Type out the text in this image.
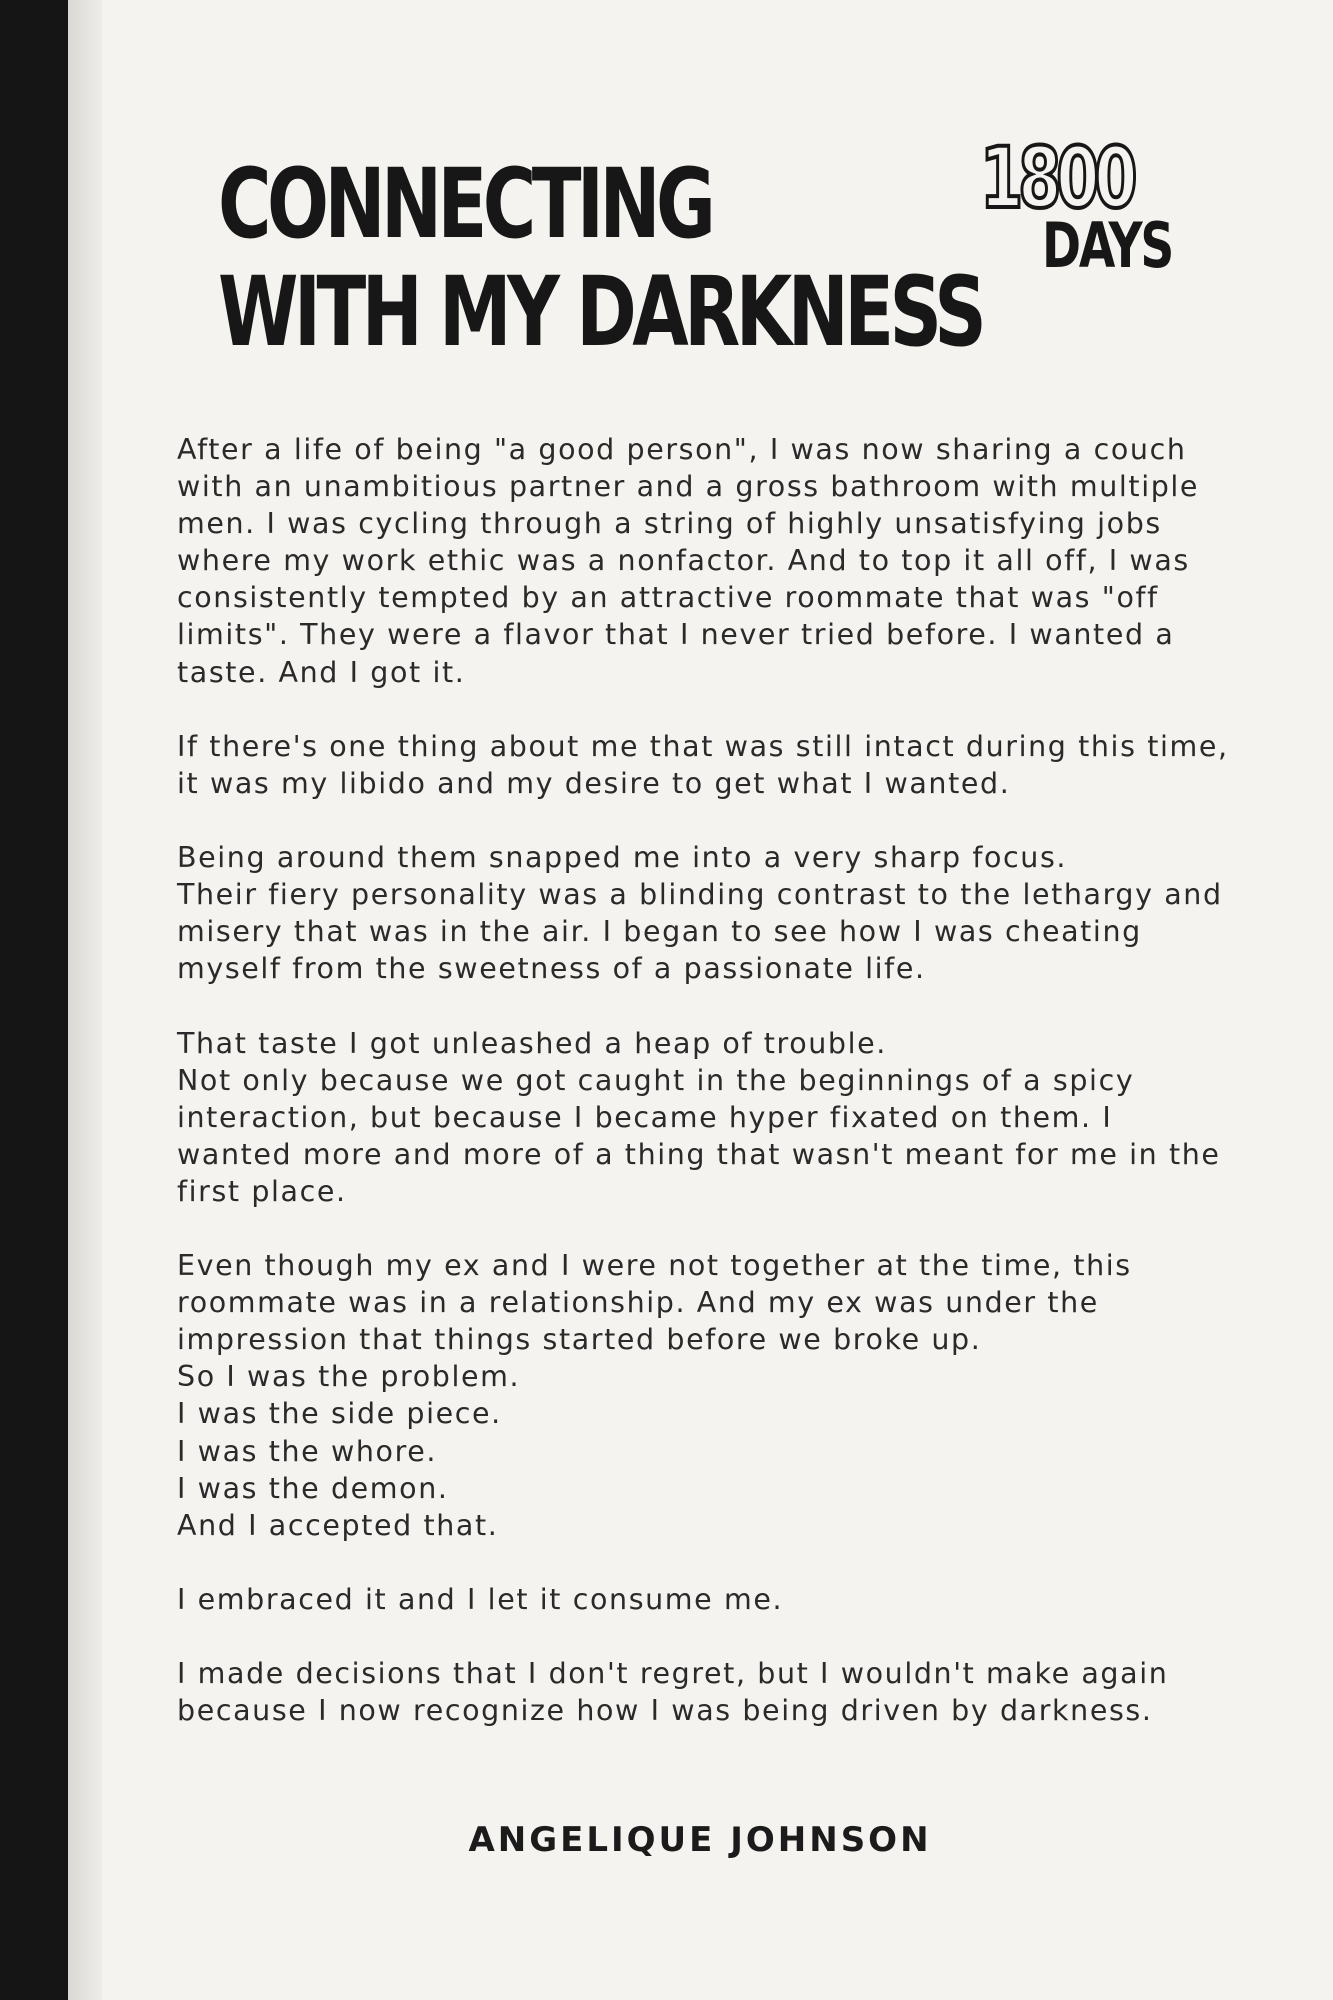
CONNECTING
WITH MY DARKNESS
1800
DAYS
After a life of being "a good person", I was now sharing a couch
with an unambitious partner and a gross bathroom with multiple
men. I was cycling through a string of highly unsatisfying jobs
where my work ethic was a nonfactor. And to top it all off, I was
consistently tempted by an attractive roommate that was "off
limits". They were a flavor that I never tried before. I wanted a
taste. And I got it.
If there's one thing about me that was still intact during this time,
it was my libido and my desire to get what I wanted.
Being around them snapped me into a very sharp focus.
Their fiery personality was a blinding contrast to the lethargy and
misery that was in the air. I began to see how I was cheating
myself from the sweetness of a passionate life.
That taste I got unleashed a heap of trouble.
Not only because we got caught in the beginnings of a spicy
interaction, but because I became hyper fixated on them. I
wanted more and more of a thing that wasn't meant for me in the
first place.
Even though my ex and I were not together at the time, this
roommate was in a relationship. And my ex was under the
impression that things started before we broke up.
So I was the problem.
I was the side piece.
I was the whore.
I was the demon.
And I accepted that.
I embraced it and I let it consume me.
I made decisions that I don't regret, but I wouldn't make again
because I now recognize how I was being driven by darkness.
ANGELIQUE JOHNSON
